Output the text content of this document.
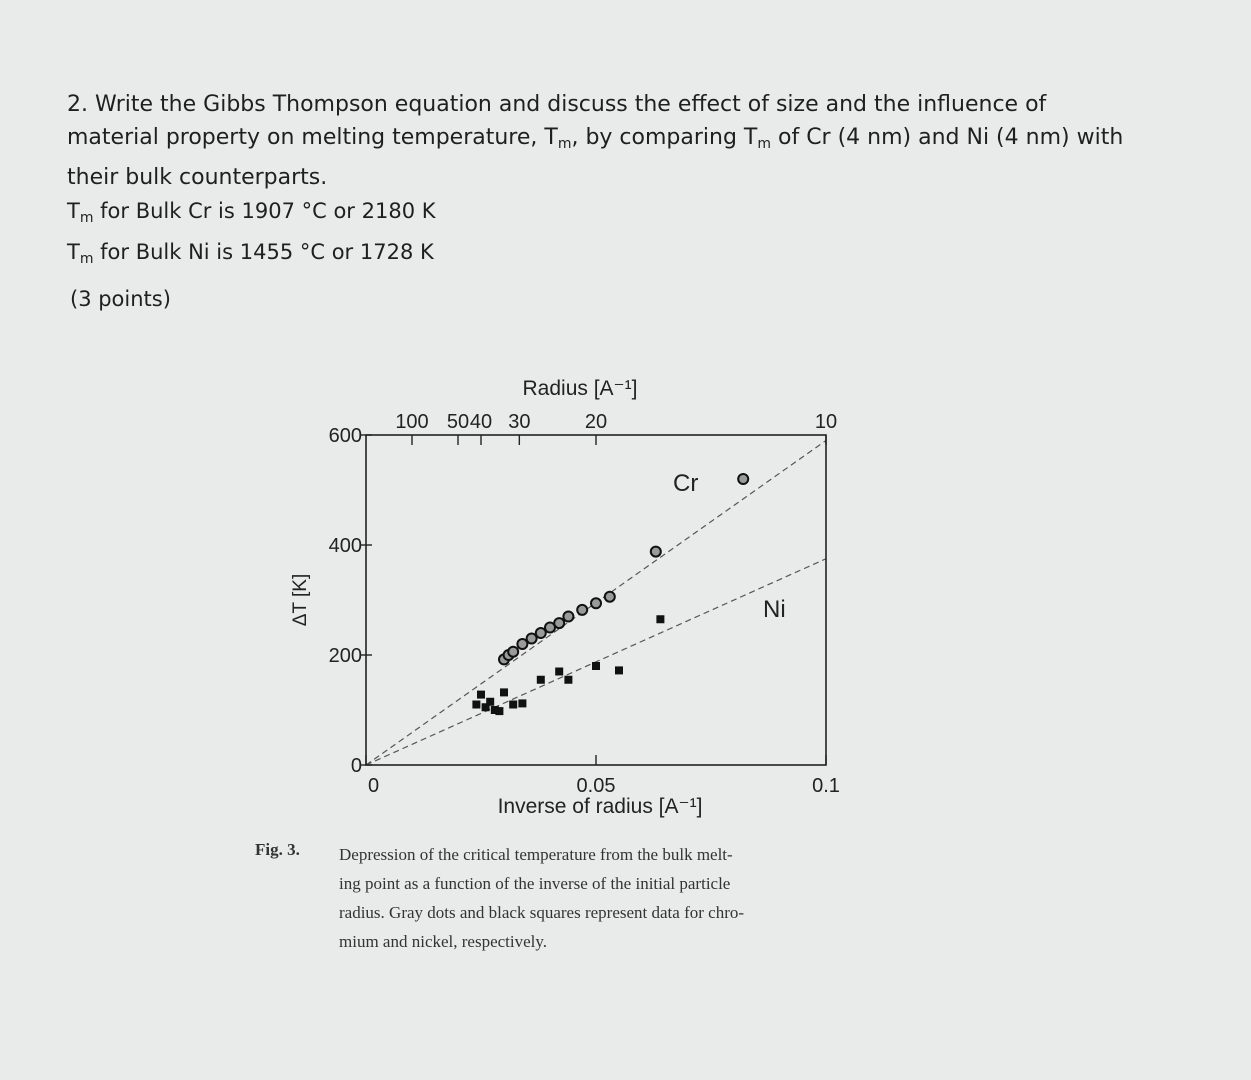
2. Write the Gibbs Thompson equation and discuss the effect of size and the influence of
material property on melting temperature, $T_m$, by comparing $T_m$ of Cr (4 nm) and Ni (4 nm) with
their bulk counterparts.
$T_m$ for Bulk Cr is 1907 °C or 2180 K
$T_m$ for Bulk Ni is 1455 °C or 1728 K
(3 points)
0
200
400
600
0	0.05	0.1
100 50 40 30	20	10
ΔT [K]
Inverse of radius [A⁻¹]
Radius [A⁻¹]
Cr
Ni
Fig. 3. Depression of the critical temperature from the bulk melt-
ing point as a function of the inverse of the initial particle
radius. Gray dots and black squares represent data for chro-
mium and nickel, respectively.
